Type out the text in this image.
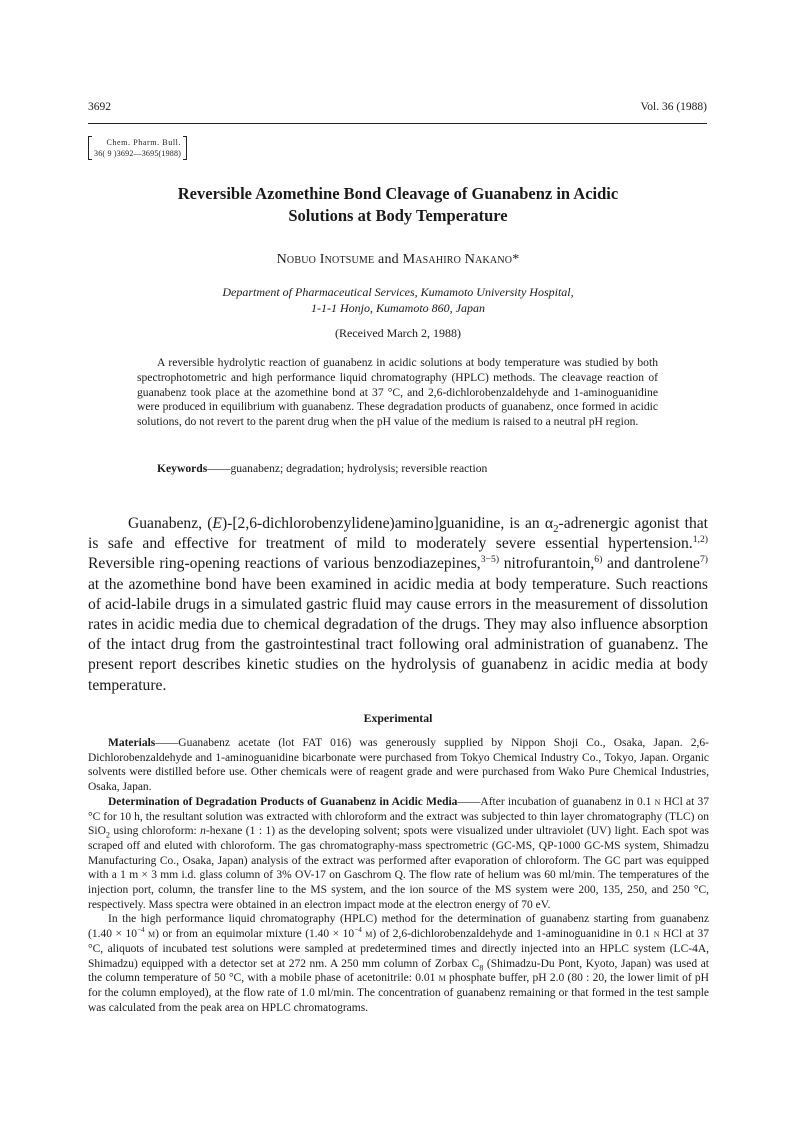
3692	Vol. 36 (1988)
Chem. Pharm. Bull.
36( 9 )3692—3695(1988)
Reversible Azomethine Bond Cleavage of Guanabenz in Acidic
Solutions at Body Temperature
Nobuo Inotsume and Masahiro Nakano*
Department of Pharmaceutical Services, Kumamoto University Hospital,
1-1-1 Honjo, Kumamoto 860, Japan
(Received March 2, 1988)

A reversible hydrolytic reaction of guanabenz in acidic solutions at body temperature was studied by both spectrophotometric and high performance liquid chromatography (HPLC) methods. The cleavage reaction of guanabenz took place at the azomethine bond at 37 °C, and 2,6-dichlorobenzaldehyde and 1-aminoguanidine were produced in equilibrium with guanabenz. These degradation products of guanabenz, once formed in acidic solutions, do not revert to the parent drug when the pH value of the medium is raised to a neutral pH region.

Keywords——guanabenz; degradation; hydrolysis; reversible reaction

Guanabenz, (E)-[2,6-dichlorobenzylidene)amino]guanidine, is an $\alpha_2$-adrenergic agonist that is safe and effective for treatment of mild to moderately severe essential hypertension.$^{1,2)}$ Reversible ring-opening reactions of various benzodiazepines,$^{3-5)}$ nitrofurantoin,$^{6)}$ and dantrolene$^{7)}$ at the azomethine bond have been examined in acidic media at body temperature. Such reactions of acid-labile drugs in a simulated gastric fluid may cause errors in the measurement of dissolution rates in acidic media due to chemical degradation of the drugs. They may also influence absorption of the intact drug from the gastrointestinal tract following oral administration of guanabenz. The present report describes kinetic studies on the hydrolysis of guanabenz in acidic media at body temperature.

Experimental

Materials——Guanabenz acetate (lot FAT 016) was generously supplied by Nippon Shoji Co., Osaka, Japan. 2,6-Dichlorobenzaldehyde and 1-aminoguanidine bicarbonate were purchased from Tokyo Chemical Industry Co., Tokyo, Japan. Organic solvents were distilled before use. Other chemicals were of reagent grade and were purchased from Wako Pure Chemical Industries, Osaka, Japan.

Determination of Degradation Products of Guanabenz in Acidic Media——After incubation of guanabenz in 0.1 n HCl at 37 °C for 10 h, the resultant solution was extracted with chloroform and the extract was subjected to thin layer chromatography (TLC) on SiO$_2$ using chloroform: n-hexane (1 : 1) as the developing solvent; spots were visualized under ultraviolet (UV) light. Each spot was scraped off and eluted with chloroform. The gas chromatography-mass spectrometric (GC-MS, QP-1000 GC-MS system, Shimadzu Manufacturing Co., Osaka, Japan) analysis of the extract was performed after evaporation of chloroform. The GC part was equipped with a 1 m × 3 mm i.d. glass column of 3% OV-17 on Gaschrom Q. The flow rate of helium was 60 ml/min. The temperatures of the injection port, column, the transfer line to the MS system, and the ion source of the MS system were 200, 135, 250, and 250 °C, respectively. Mass spectra were obtained in an electron impact mode at the electron energy of 70 eV.

In the high performance liquid chromatography (HPLC) method for the determination of guanabenz starting from guanabenz ($1.40 \times 10^{-4}$ m) or from an equimolar mixture ($1.40 \times 10^{-4}$ m) of 2,6-dichlorobenzaldehyde and 1-aminoguanidine in 0.1 n HCl at 37 °C, aliquots of incubated test solutions were sampled at predetermined times and directly injected into an HPLC system (LC-4A, Shimadzu) equipped with a detector set at 272 nm. A 250 mm column of Zorbax $C_8$ (Shimadzu-Du Pont, Kyoto, Japan) was used at the column temperature of 50 °C, with a mobile phase of acetonitrile: 0.01 m phosphate buffer, pH 2.0 (80 : 20, the lower limit of pH for the column employed), at the flow rate of 1.0 ml/min. The concentration of guanabenz remaining or that formed in the test sample was calculated from the peak area on HPLC chromatograms.
